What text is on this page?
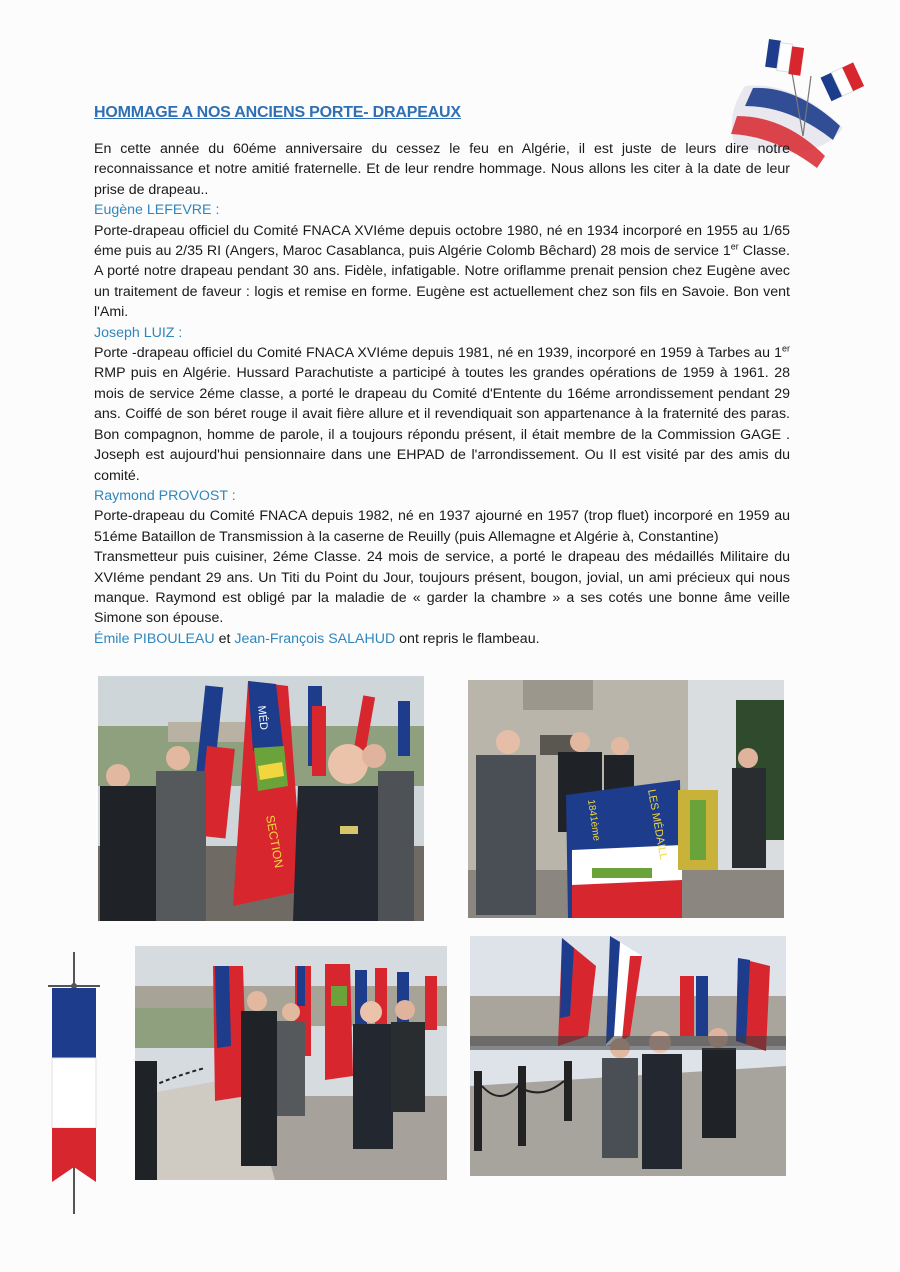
HOMMAGE A NOS ANCIENS PORTE- DRAPEAUX

En cette année du 60éme anniversaire du cessez le feu en Algérie, il est juste de leurs dire notre reconnaissance et notre amitié fraternelle. Et de leur rendre hommage. Nous allons les citer à la date de leur prise de drapeau..

Eugène LEFEVRE :

Porte-drapeau officiel du Comité FNACA XVIéme depuis octobre 1980, né en 1934 incorporé en 1955 au 1/65 éme puis au 2/35 RI (Angers, Maroc Casablanca, puis Algérie Colomb Bêchard) 28 mois de service 1er Classe. A porté notre drapeau pendant 30 ans. Fidèle, infatigable. Notre oriflamme prenait pension chez Eugène avec un traitement de faveur : logis et remise en forme. Eugène est actuellement chez son fils en Savoie. Bon vent l'Ami.

Joseph LUIZ :

Porte -drapeau officiel du Comité FNACA XVIéme depuis 1981, né en 1939, incorporé en 1959 à Tarbes au 1er RMP puis en Algérie. Hussard Parachutiste a participé à toutes les grandes opérations de 1959 à 1961. 28 mois de service 2éme classe, a porté le drapeau du Comité d'Entente du 16éme arrondissement pendant 29 ans. Coiffé de son béret rouge il avait fière allure et il revendiquait son appartenance à la fraternité des paras. Bon compagnon, homme de parole, il a toujours répondu présent, il était membre de la Commission GAGE . Joseph est aujourd'hui pensionnaire dans une EHPAD de l'arrondissement. Ou Il est visité par des amis du comité.

Raymond PROVOST :

Porte-drapeau du Comité FNACA depuis 1982, né en 1937 ajourné en 1957 (trop fluet) incorporé en 1959 au 51éme Bataillon de Transmission à la caserne de Reuilly (puis Allemagne et Algérie à, Constantine)

Transmetteur puis cuisiner, 2éme Classe. 24 mois de service, a porté le drapeau des médaillés Militaire du XVIéme pendant 29 ans. Un Titi du Point du Jour, toujours présent, bougon, jovial, un ami précieux qui nous manque. Raymond est obligé par la maladie de « garder la chambre » a ses cotés une bonne âme veille Simone son épouse.

Émile PIBOULEAU et Jean-François SALAHUD ont repris le flambeau.

MÉD
SECTION	LES MÉDAILL
1841ème
